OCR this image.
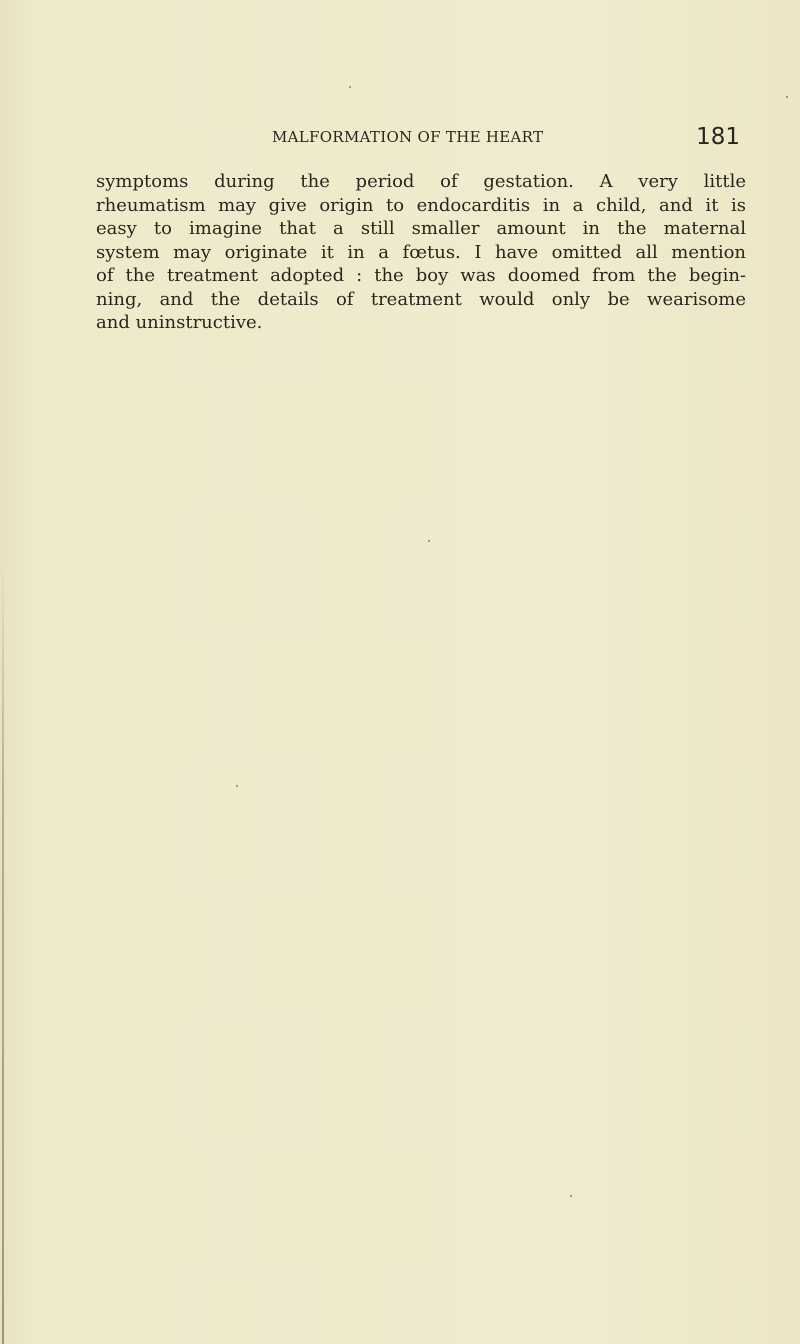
MALFORMATION OF THE HEART	181
symptoms during the period of gestation. A very little
rheumatism may give origin to endocarditis in a child, and it is
easy to imagine that a still smaller amount in the maternal
system may originate it in a fœtus. I have omitted all mention
of the treatment adopted : the boy was doomed from the begin-
ning, and the details of treatment would only be wearisome
and uninstructive.
